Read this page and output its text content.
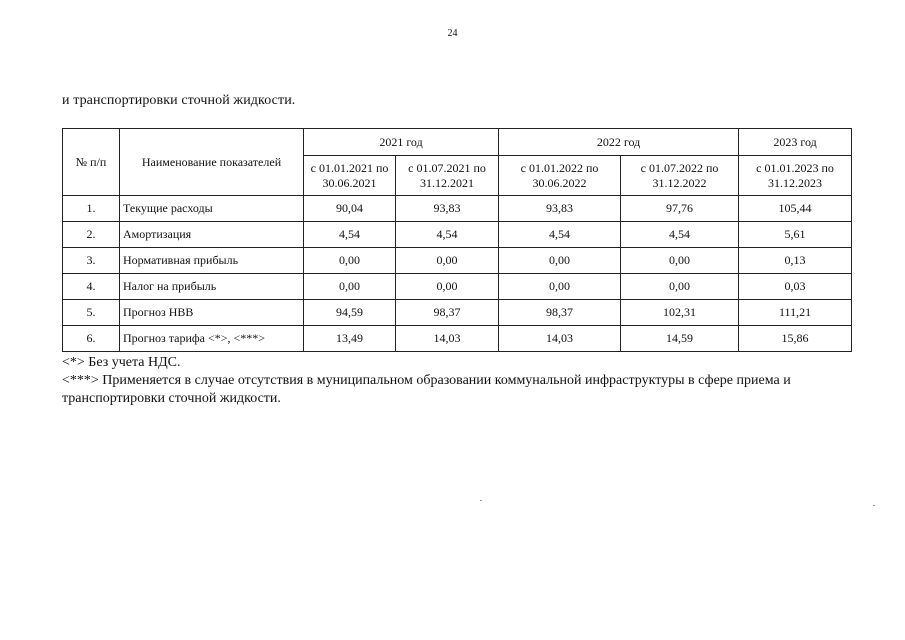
24
и транспортировки сточной жидкости.
№ п/п	Наименование показателей	2021 год		2022 год		2023 год
		с 01.01.2021 по 30.06.2021	с 01.07.2021 по 31.12.2021	с 01.01.2022 по 30.06.2022	с 01.07.2022 по 31.12.2022	с 01.01.2023 по 31.12.2023
1.	Текущие расходы	90,04	93,83	93,83	97,76	105,44
2.	Амортизация	4,54	4,54	4,54	4,54	5,61
3.	Нормативная прибыль	0,00	0,00	0,00	0,00	0,13
4.	Налог на прибыль	0,00	0,00	0,00	0,00	0,03
5.	Прогноз НВВ	94,59	98,37	98,37	102,31	111,21
6.	Прогноз тарифа <*>, <***>	13,49	14,03	14,03	14,59	15,86
<*> Без учета НДС.
<***> Применяется в случае отсутствия в муниципальном образовании коммунальной инфраструктуры в сфере приема и транспортировки сточной жидкости.
